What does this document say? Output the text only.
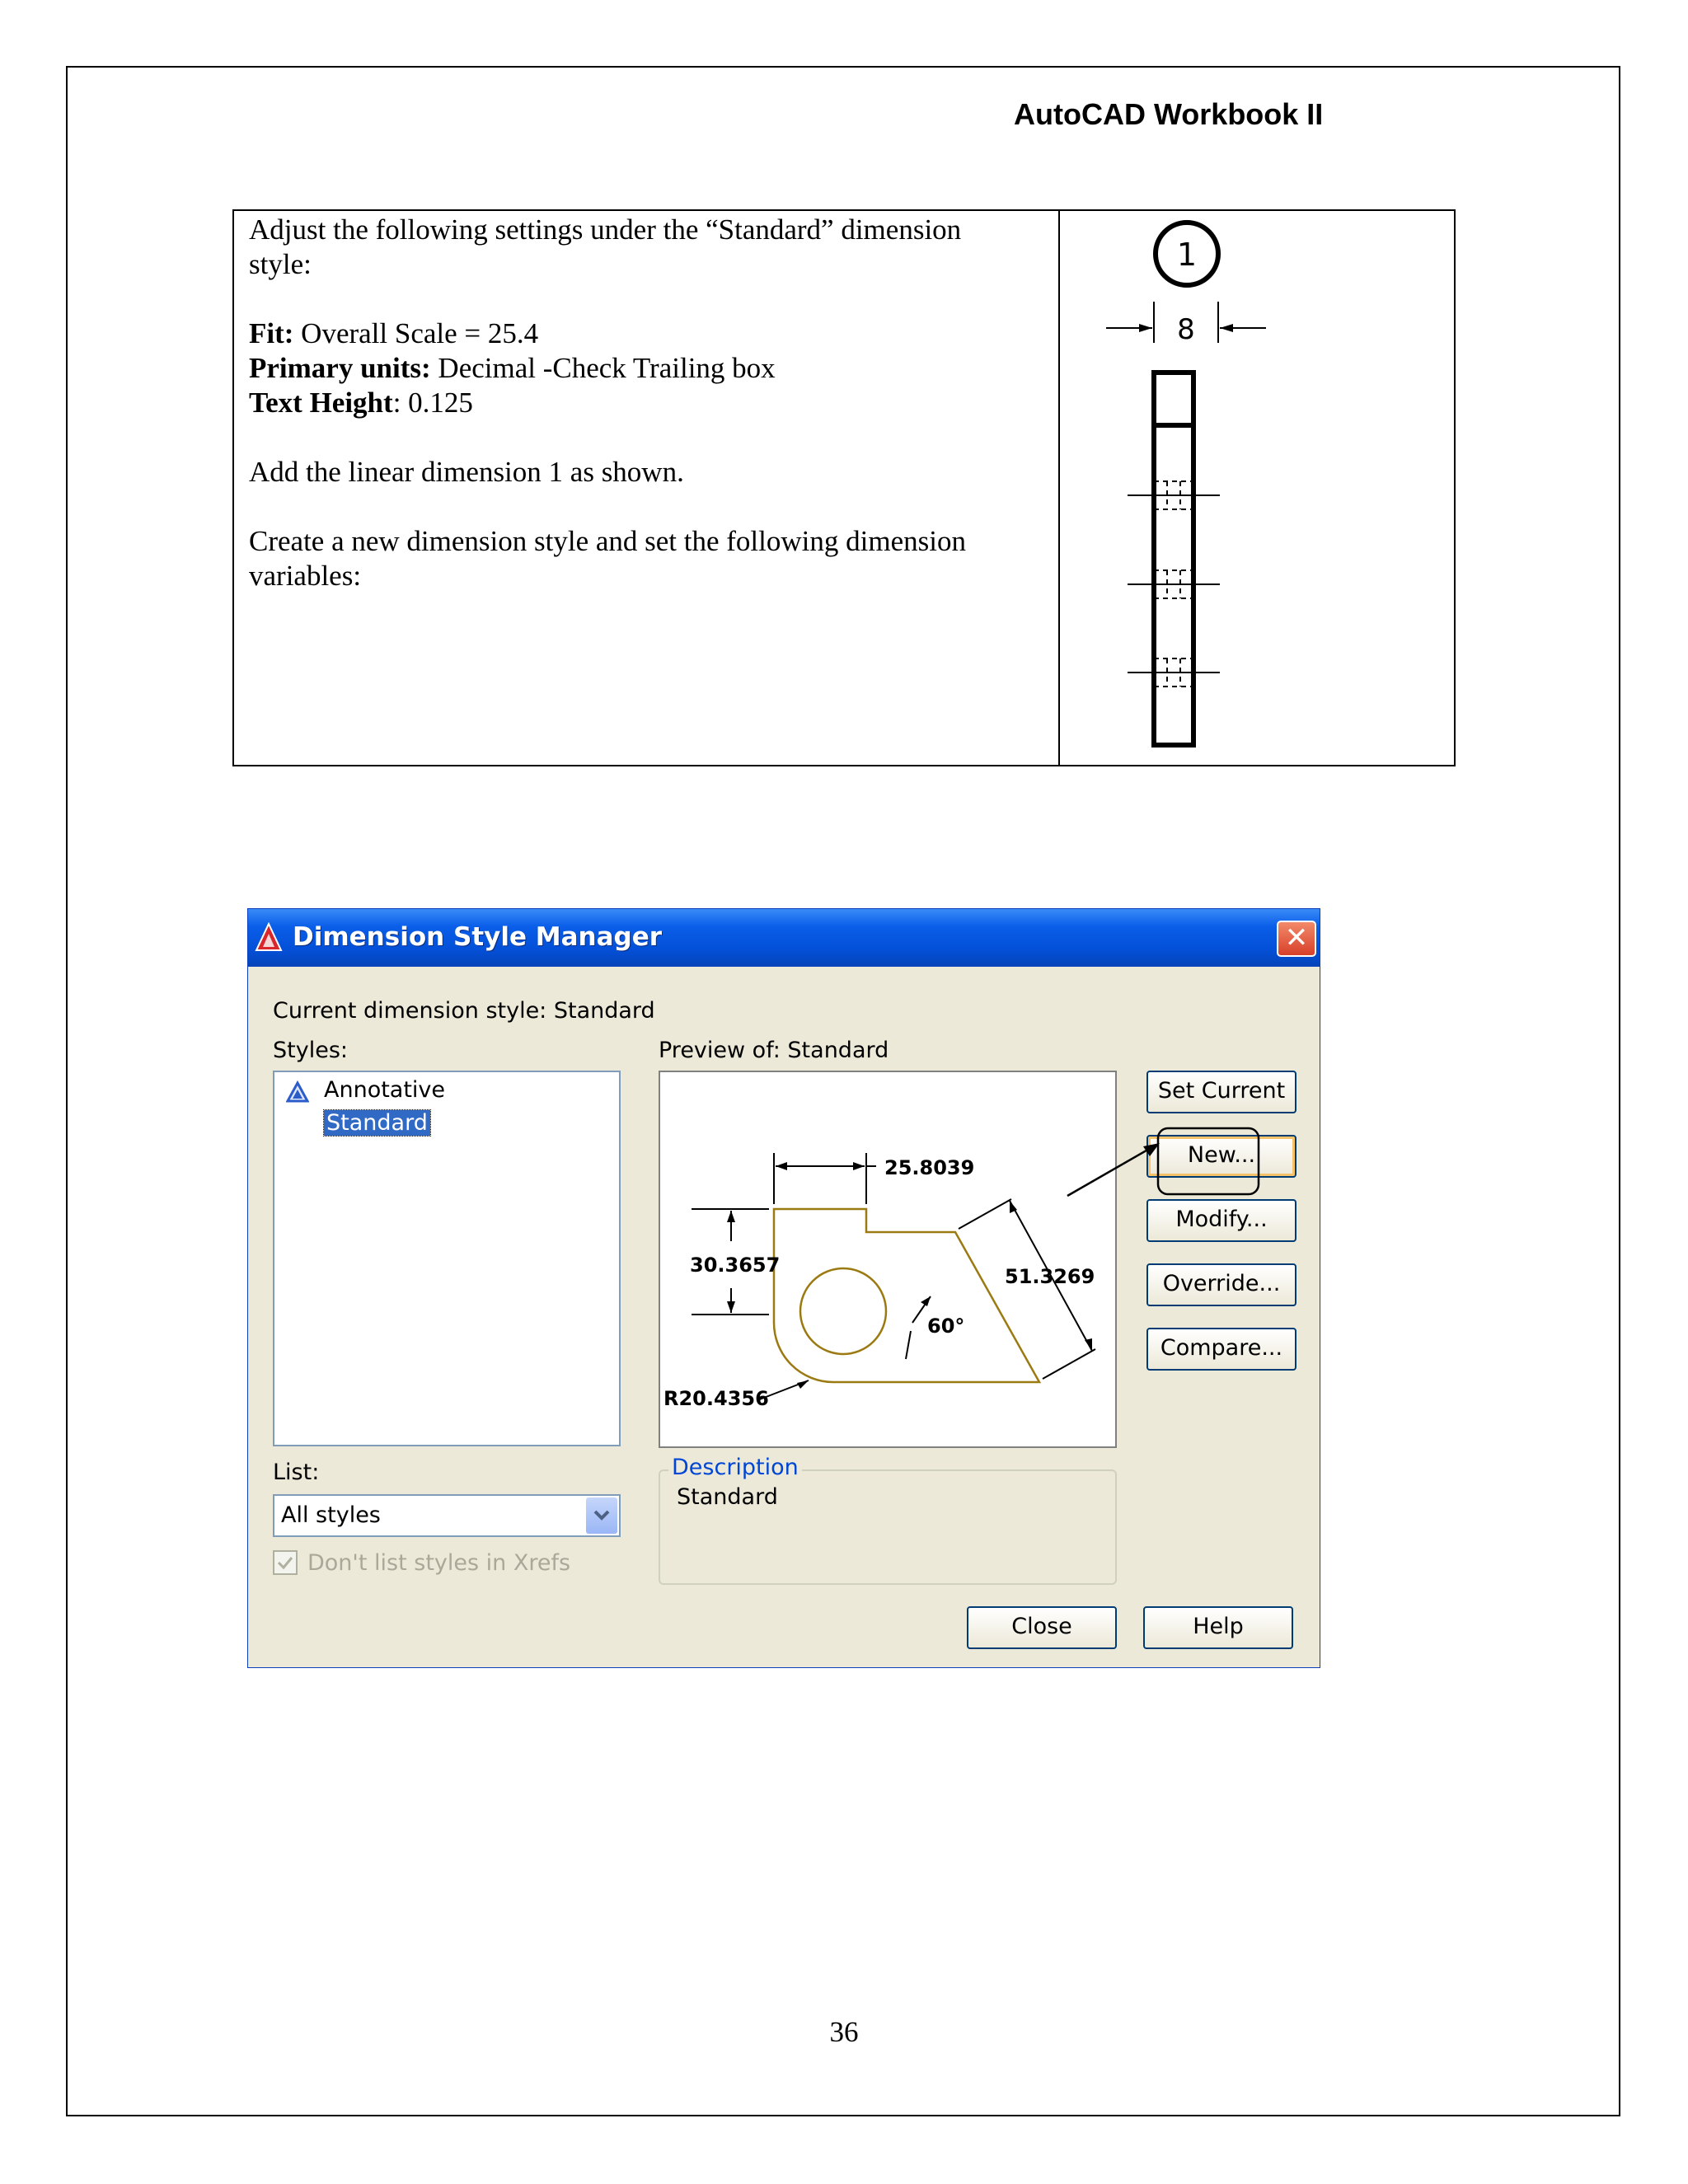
AutoCAD Workbook II

Adjust the following settings under the “Standard” dimension
style:

Fit: Overall Scale = 25.4
Primary units: Decimal -Check Trailing box
Text Height: 0.125

Add the linear dimension 1 as shown.

Create a new dimension style and set the following dimension
variables:

1
8
Dimension Style Manager	✕
Current dimension style: Standard
Styles:
Annotative
Standard
Preview of: Standard
25.8039
30.3657	51.3269
60°
R20.4356
Set Current
New...
Modify...
Override...
Compare...
List:
All styles
Don't list styles in Xrefs
Description
Standard
Close	Help
36
